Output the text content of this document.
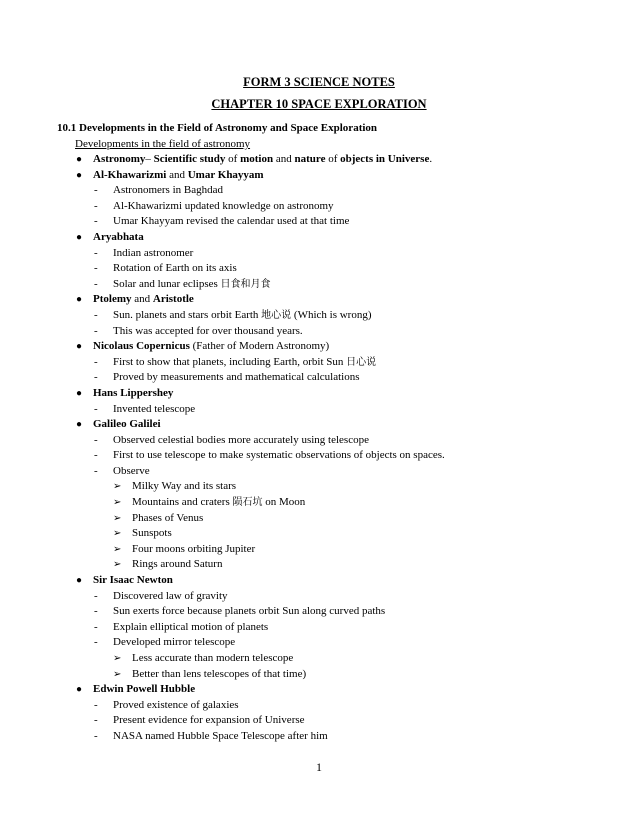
FORM 3 SCIENCE NOTES
CHAPTER 10 SPACE EXPLORATION
10.1 Developments in the Field of Astronomy and Space Exploration
Developments in the field of astronomy
● Astronomy– Scientific study of motion and nature of objects in Universe.
● Al-Khawarizmi and Umar Khayyam
- Astronomers in Baghdad
- Al-Khawarizmi updated knowledge on astronomy
- Umar Khayyam revised the calendar used at that time
● Aryabhata
- Indian astronomer
- Rotation of Earth on its axis
- Solar and lunar eclipses 日食和月食
● Ptolemy and Aristotle
- Sun. planets and stars orbit Earth 地心说 (Which is wrong)
- This was accepted for over thousand years.
● Nicolaus Copernicus (Father of Modern Astronomy)
- First to show that planets, including Earth, orbit Sun 日心说
- Proved by measurements and mathematical calculations
● Hans Lippershey
- Invented telescope
● Galileo Galilei
- Observed celestial bodies more accurately using telescope
- First to use telescope to make systematic observations of objects on spaces.
- Observe
➢ Milky Way and its stars
➢ Mountains and craters 陨石坑 on Moon
➢ Phases of Venus
➢ Sunspots
➢ Four moons orbiting Jupiter
➢ Rings around Saturn
● Sir Isaac Newton
- Discovered law of gravity
- Sun exerts force because planets orbit Sun along curved paths
- Explain elliptical motion of planets
- Developed mirror telescope
➢ Less accurate than modern telescope
➢ Better than lens telescopes of that time)
● Edwin Powell Hubble
- Proved existence of galaxies
- Present evidence for expansion of Universe
- NASA named Hubble Space Telescope after him
1
